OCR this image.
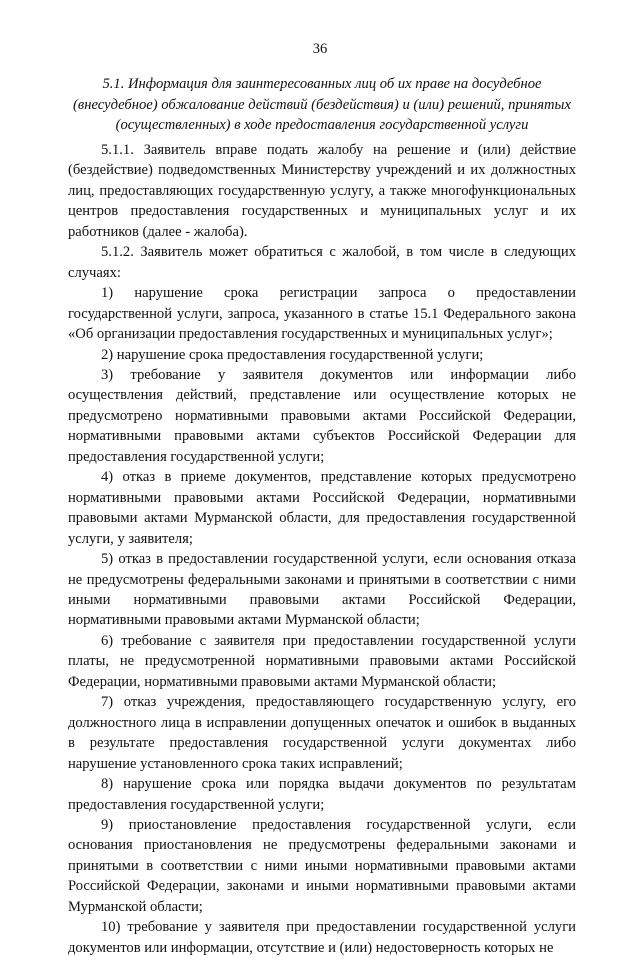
36
5.1. Информация для заинтересованных лиц об их праве на досудебное (внесудебное) обжалование действий (бездействия) и (или) решений, принятых (осуществленных) в ходе предоставления государственной услуги

5.1.1. Заявитель вправе подать жалобу на решение и (или) действие (бездействие) подведомственных Министерству учреждений и их должностных лиц, предоставляющих государственную услугу, а также многофункциональных центров предоставления государственных и муниципальных услуг и их работников (далее - жалоба).

5.1.2. Заявитель может обратиться с жалобой, в том числе в следующих случаях:

1) нарушение срока регистрации запроса о предоставлении государственной услуги, запроса, указанного в статье 15.1 Федерального закона «Об организации предоставления государственных и муниципальных услуг»;

2) нарушение срока предоставления государственной услуги;

3) требование у заявителя документов или информации либо осуществления действий, представление или осуществление которых не предусмотрено нормативными правовыми актами Российской Федерации, нормативными правовыми актами субъектов Российской Федерации для предоставления государственной услуги;

4) отказ в приеме документов, представление которых предусмотрено нормативными правовыми актами Российской Федерации, нормативными правовыми актами Мурманской области, для предоставления государственной услуги, у заявителя;

5) отказ в предоставлении государственной услуги, если основания отказа не предусмотрены федеральными законами и принятыми в соответствии с ними иными нормативными правовыми актами Российской Федерации, нормативными правовыми актами Мурманской области;

6) требование с заявителя при предоставлении государственной услуги платы, не предусмотренной нормативными правовыми актами Российской Федерации, нормативными правовыми актами Мурманской области;

7) отказ учреждения, предоставляющего государственную услугу, его должностного лица в исправлении допущенных опечаток и ошибок в выданных в результате предоставления государственной услуги документах либо нарушение установленного срока таких исправлений;

8) нарушение срока или порядка выдачи документов по результатам предоставления государственной услуги;

9) приостановление предоставления государственной услуги, если основания приостановления не предусмотрены федеральными законами и принятыми в соответствии с ними иными нормативными правовыми актами Российской Федерации, законами и иными нормативными правовыми актами Мурманской области;

10) требование у заявителя при предоставлении государственной услуги документов или информации, отсутствие и (или) недостоверность которых не
